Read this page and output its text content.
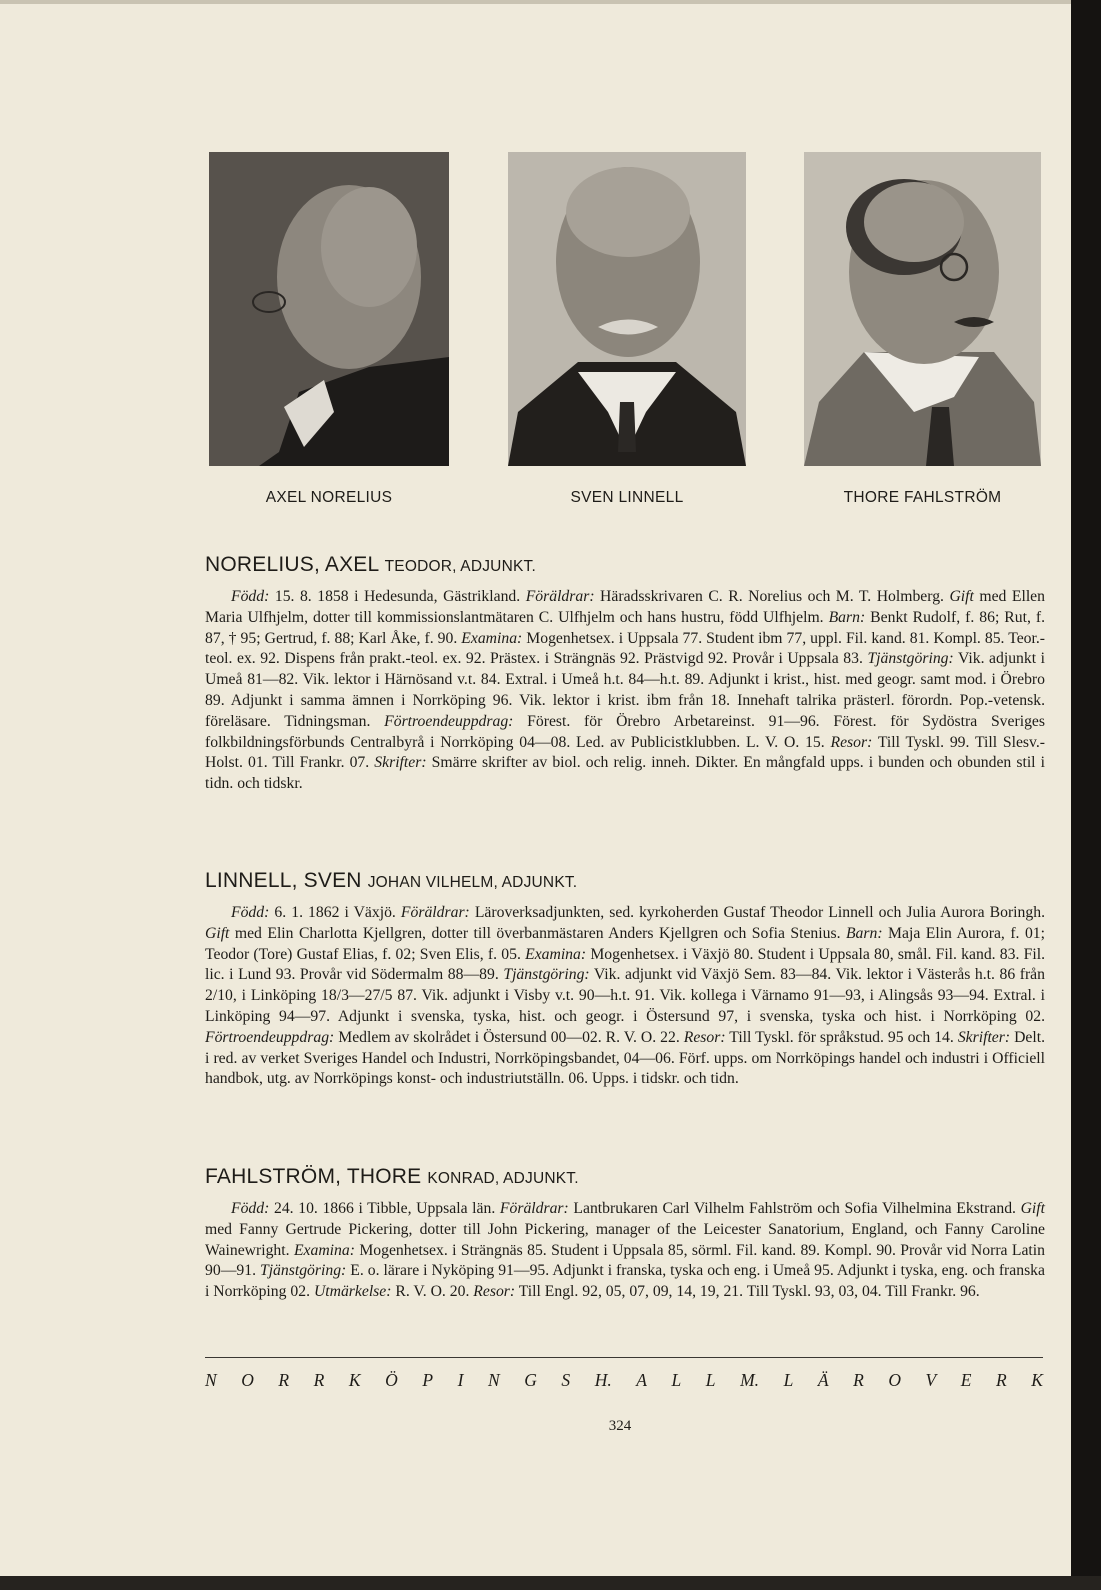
AXEL NORELIUS	SVEN LINNELL	THORE FAHLSTRÖM
NORELIUS, AXEL TEODOR, ADJUNKT.

Född: 15. 8. 1858 i Hedesunda, Gästrikland. Föräldrar: Häradsskrivaren C. R. Norelius och M. T. Holmberg. Gift med Ellen Maria Ulfhjelm, dotter till kommissionslantmätaren C. Ulfhjelm och hans hustru, född Ulfhjelm. Barn: Benkt Rudolf, f. 86; Rut, f. 87, † 95; Gertrud, f. 88; Karl Åke, f. 90. Examina: Mogenhetsex. i Uppsala 77. Student ibm 77, uppl. Fil. kand. 81. Kompl. 85. Teor.-teol. ex. 92. Dispens från prakt.-teol. ex. 92. Prästex. i Strängnäs 92. Prästvigd 92. Provår i Uppsala 83. Tjänstgöring: Vik. adjunkt i Umeå 81—82. Vik. lektor i Härnösand v.t. 84. Extral. i Umeå h.t. 84—h.t. 89. Adjunkt i krist., hist. med geogr. samt mod. i Örebro 89. Adjunkt i samma ämnen i Norrköping 96. Vik. lektor i krist. ibm från 18. Innehaft talrika prästerl. förordn. Pop.-vetensk. föreläsare. Tidningsman. Förtroendeuppdrag: Förest. för Örebro Arbetareinst. 91—96. Förest. för Sydöstra Sveriges folkbildningsförbunds Centralbyrå i Norrköping 04—08. Led. av Publicistklubben. L. V. O. 15. Resor: Till Tyskl. 99. Till Slesv.-Holst. 01. Till Frankr. 07. Skrifter: Smärre skrifter av biol. och relig. inneh. Dikter. En mångfald upps. i bunden och obunden stil i tidn. och tidskr.

LINNELL, SVEN JOHAN VILHELM, ADJUNKT.

Född: 6. 1. 1862 i Växjö. Föräldrar: Läroverksadjunkten, sed. kyrkoherden Gustaf Theodor Linnell och Julia Aurora Boringh. Gift med Elin Charlotta Kjellgren, dotter till överbanmästaren Anders Kjellgren och Sofia Stenius. Barn: Maja Elin Aurora, f. 01; Teodor (Tore) Gustaf Elias, f. 02; Sven Elis, f. 05. Examina: Mogenhetsex. i Växjö 80. Student i Uppsala 80, smål. Fil. kand. 83. Fil. lic. i Lund 93. Provår vid Södermalm 88—89. Tjänstgöring: Vik. adjunkt vid Växjö Sem. 83—84. Vik. lektor i Västerås h.t. 86 från 2/10, i Linköping 18/3—27/5 87. Vik. adjunkt i Visby v.t. 90—h.t. 91. Vik. kollega i Värnamo 91—93, i Alingsås 93—94. Extral. i Linköping 94—97. Adjunkt i svenska, tyska, hist. och geogr. i Östersund 97, i svenska, tyska och hist. i Norrköping 02. Förtroendeuppdrag: Medlem av skolrådet i Östersund 00—02. R. V. O. 22. Resor: Till Tyskl. för språkstud. 95 och 14. Skrifter: Delt. i red. av verket Sveriges Handel och Industri, Norrköpingsbandet, 04—06. Förf. upps. om Norrköpings handel och industri i Officiell handbok, utg. av Norrköpings konst- och industriutställn. 06. Upps. i tidskr. och tidn.

FAHLSTRÖM, THORE KONRAD, ADJUNKT.

Född: 24. 10. 1866 i Tibble, Uppsala län. Föräldrar: Lantbrukaren Carl Vilhelm Fahlström och Sofia Vilhelmina Ekstrand. Gift med Fanny Gertrude Pickering, dotter till John Pickering, manager of the Leicester Sanatorium, England, och Fanny Caroline Wainewright. Examina: Mogenhetsex. i Strängnäs 85. Student i Uppsala 85, sörml. Fil. kand. 89. Kompl. 90. Provår vid Norra Latin 90—91. Tjänstgöring: E. o. lärare i Nyköping 91—95. Adjunkt i franska, tyska och eng. i Umeå 95. Adjunkt i tyska, eng. och franska i Norrköping 02. Utmärkelse: R. V. O. 20. Resor: Till Engl. 92, 05, 07, 09, 14, 19, 21. Till Tyskl. 93, 03, 04. Till Frankr. 96.

N O R R K Ö P I N G S H. A L L M. L Ä R O V E R K
324
